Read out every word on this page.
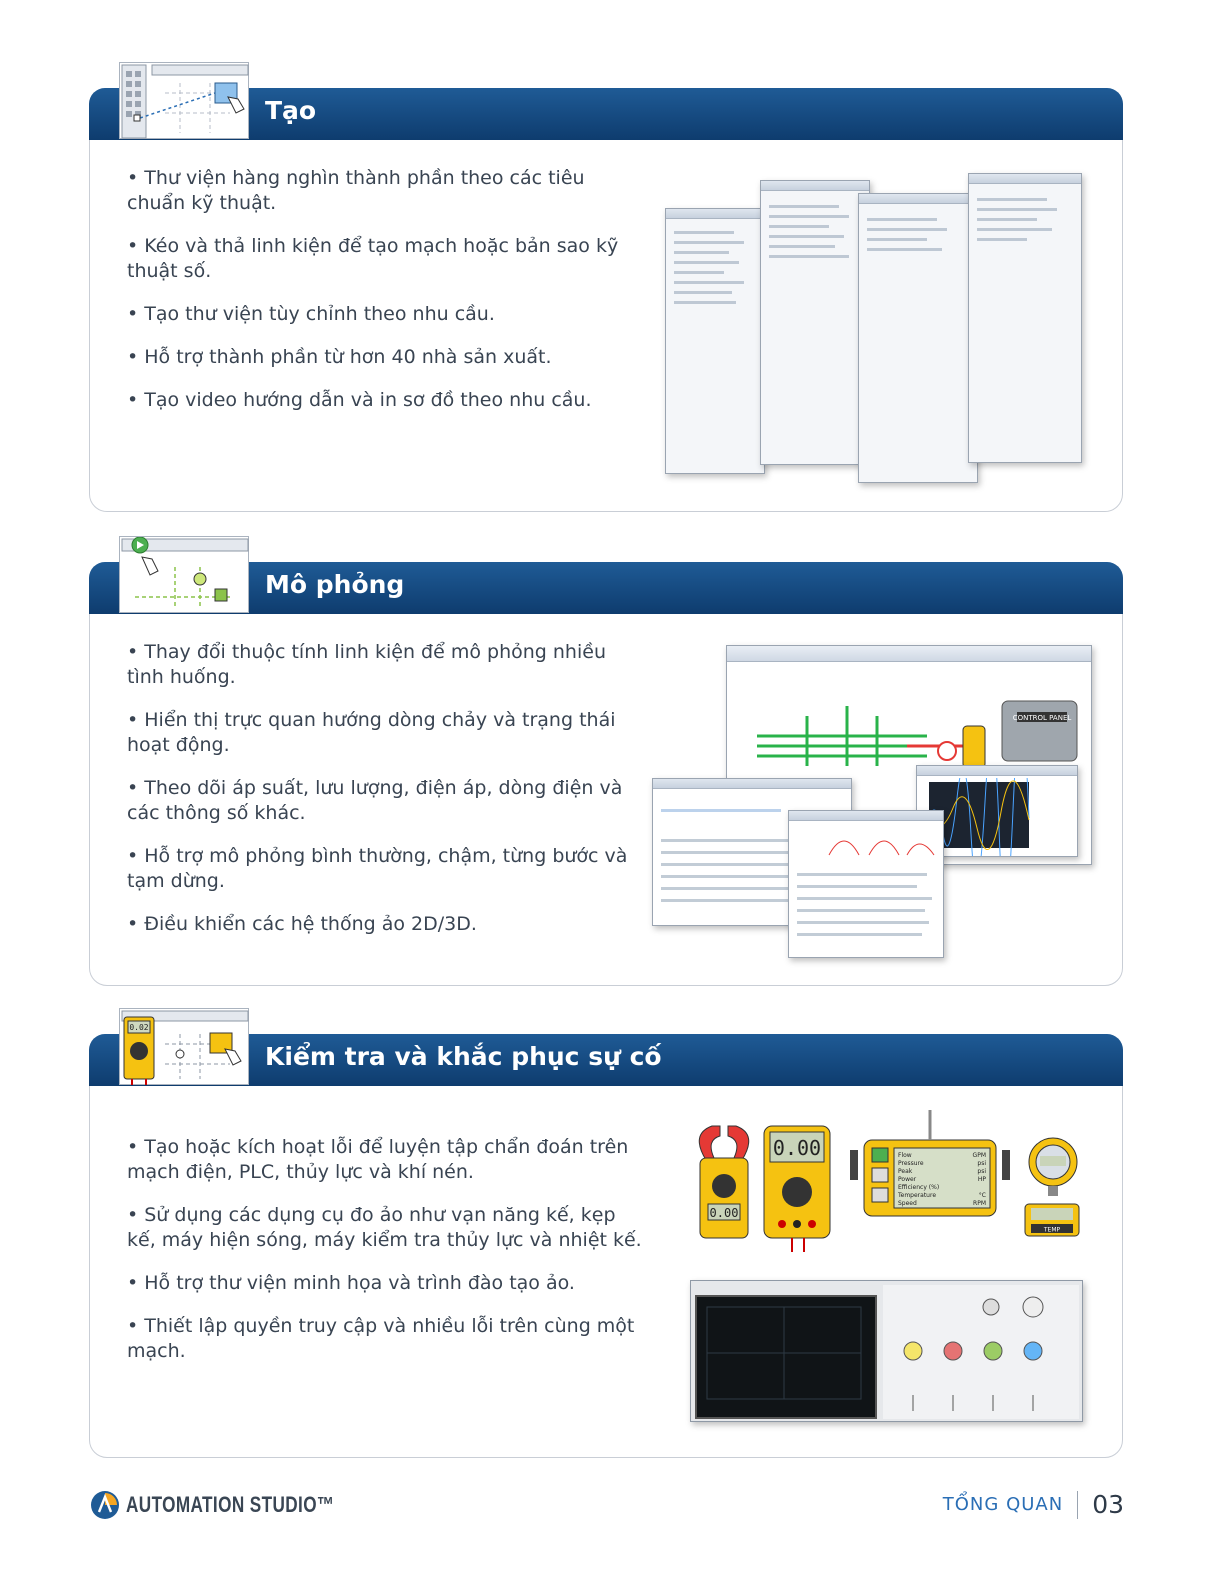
Tạo
• Thư viện hàng nghìn thành phần theo các tiêu chuẩn kỹ thuật.
• Kéo và thả linh kiện để tạo mạch hoặc bản sao kỹ thuật số.
• Tạo thư viện tùy chỉnh theo nhu cầu.
• Hỗ trợ thành phần từ hơn 40 nhà sản xuất.
• Tạo video hướng dẫn và in sơ đồ theo nhu cầu.
Mô phỏng
• Thay đổi thuộc tính linh kiện để mô phỏng nhiều tình huống.
• Hiển thị trực quan hướng dòng chảy và trạng thái hoạt động.
• Theo dõi áp suất, lưu lượng, điện áp, dòng điện và các thông số khác.
• Hỗ trợ mô phỏng bình thường, chậm, từng bước và tạm dừng.
• Điều khiển các hệ thống ảo 2D/3D.
CONTROL PANEL
0.02
Kiểm tra và khắc phục sự cố
• Tạo hoặc kích hoạt lỗi để luyện tập chẩn đoán trên mạch điện, PLC, thủy lực và khí nén.
• Sử dụng các dụng cụ đo ảo như vạn năng kế, kẹp kế, máy hiện sóng, máy kiểm tra thủy lực và nhiệt kế.
• Hỗ trợ thư viện minh họa và trình đào tạo ảo.
• Thiết lập quyền truy cập và nhiều lỗi trên cùng một mạch.
0.00
0.00	Flow
Pressure
Peak
Power
Efficiency (%)
Temperature
Speed
GPM
psi
psi
HP
°C
RPM
TEMP
AUTOMATION STUDIO™	TỔNG QUAN 03
